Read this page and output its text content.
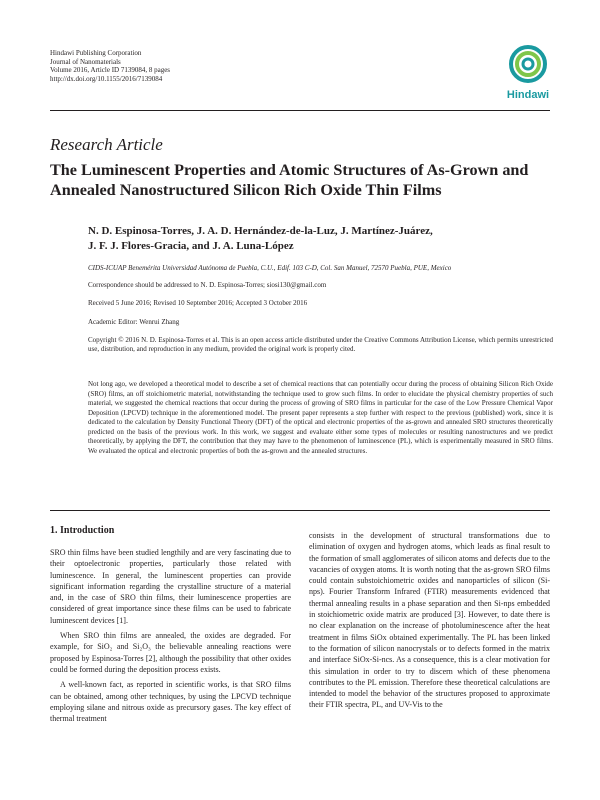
Hindawi Publishing Corporation
Journal of Nanomaterials
Volume 2016, Article ID 7139084, 8 pages
http://dx.doi.org/10.1155/2016/7139084
Hindawi
Research Article
The Luminescent Properties and Atomic Structures of As-Grown and Annealed Nanostructured Silicon Rich Oxide Thin Films
N. D. Espinosa-Torres, J. A. D. Hernández-de-la-Luz, J. Martínez-Juárez,
J. F. J. Flores-Gracia, and J. A. Luna-López
CIDS-ICUAP Benemérita Universidad Autónoma de Puebla, C.U., Edif. 103 C-D, Col. San Manuel, 72570 Puebla, PUE, Mexico
Correspondence should be addressed to N. D. Espinosa-Torres; siosi130@gmail.com
Received 5 June 2016; Revised 10 September 2016; Accepted 3 October 2016
Academic Editor: Wenrui Zhang
Copyright © 2016 N. D. Espinosa-Torres et al. This is an open access article distributed under the Creative Commons Attribution License, which permits unrestricted use, distribution, and reproduction in any medium, provided the original work is properly cited.
Not long ago, we developed a theoretical model to describe a set of chemical reactions that can potentially occur during the process of obtaining Silicon Rich Oxide (SRO) films, an off stoichiometric material, notwithstanding the technique used to grow such films. In order to elucidate the physical chemistry properties of such material, we suggested the chemical reactions that occur during the process of growing of SRO films in particular for the case of the Low Pressure Chemical Vapor Deposition (LPCVD) technique in the aforementioned model. The present paper represents a step further with respect to the previous (published) work, since it is dedicated to the calculation by Density Functional Theory (DFT) of the optical and electronic properties of the as-grown and annealed SRO structures theoretically predicted on the basis of the previous work. In this work, we suggest and evaluate either some types of molecules or resulting nanostructures and we predict theoretically, by applying the DFT, the contribution that they may have to the phenomenon of luminescence (PL), which is experimentally measured in SRO films. We evaluated the optical and electronic properties of both the as-grown and the annealed structures.
1. Introduction

SRO thin films have been studied lengthily and are very fascinating due to their optoelectronic properties, particularly those related with luminescence. In general, the luminescent properties can provide significant information regarding the crystalline structure of a material and, in the case of SRO thin films, their luminescence properties are considered of great importance since these films can be used to fabricate luminescent devices [1].

When SRO thin films are annealed, the oxides are degraded. For example, for SiO₂ and Si₂O₃ the believable annealing reactions were proposed by Espinosa-Torres [2], although the possibility that other oxides could be formed during the deposition process exists.

A well-known fact, as reported in scientific works, is that SRO films can be obtained, among other techniques, by using the LPCVD technique employing silane and nitrous oxide as precursory gases. The key effect of thermal treatment

consists in the development of structural transformations due to elimination of oxygen and hydrogen atoms, which leads as final result to the formation of small agglomerates of silicon atoms and defects due to the vacancies of oxygen atoms. It is worth noting that the as-grown SRO films could contain substoichiometric oxides and nanoparticles of silicon (Si-nps). Fourier Transform Infrared (FTIR) measurements evidenced that thermal annealing results in a phase separation and then Si-nps embedded in stoichiometric oxide matrix are produced [3]. However, to date there is no clear explanation on the increase of photoluminescence after the heat treatment in films SiOx obtained experimentally. The PL has been linked to the formation of silicon nanocrystals or to defects formed in the matrix and interface SiOx-Si-ncs. As a consequence, this is a clear motivation for this simulation in order to try to discern which of these phenomena contributes to the PL emission. Therefore these theoretical calculations are intended to model the behavior of the structures proposed to approximate their FTIR spectra, PL, and UV-Vis to the
